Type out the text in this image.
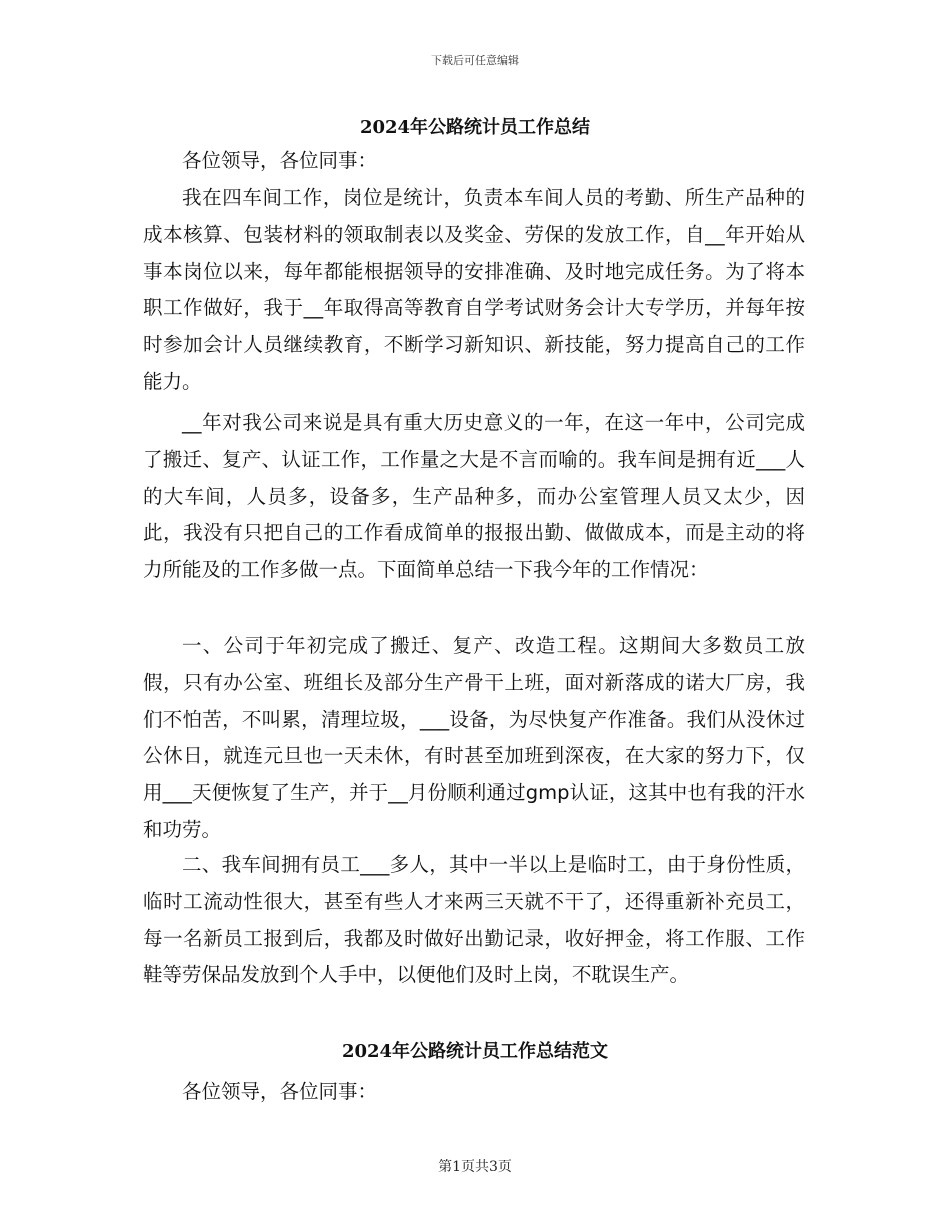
下载后可任意编辑
2024年公路统计员工作总结

各位领导，各位同事：

我在四车间工作，岗位是统计，负责本车间人员的考勤、所生产品种的成本核算、包装材料的领取制表以及奖金、劳保的发放工作，自__年开始从事本岗位以来，每年都能根据领导的安排准确、及时地完成任务。为了将本职工作做好，我于__年取得高等教育自学考试财务会计大专学历，并每年按时参加会计人员继续教育，不断学习新知识、新技能，努力提高自己的工作能力。

__年对我公司来说是具有重大历史意义的一年，在这一年中，公司完成了搬迁、复产、认证工作，工作量之大是不言而喻的。我车间是拥有近___人的大车间，人员多，设备多，生产品种多，而办公室管理人员又太少，因此，我没有只把自己的工作看成简单的报报出勤、做做成本，而是主动的将力所能及的工作多做一点。下面简单总结一下我今年的工作情况：

一、公司于年初完成了搬迁、复产、改造工程。这期间大多数员工放假，只有办公室、班组长及部分生产骨干上班，面对新落成的诺大厂房，我们不怕苦，不叫累，清理垃圾，___设备，为尽快复产作准备。我们从没休过公休日，就连元旦也一天未休，有时甚至加班到深夜，在大家的努力下，仅用___天便恢复了生产，并于__月份顺利通过gmp认证，这其中也有我的汗水和功劳。

二、我车间拥有员工___多人，其中一半以上是临时工，由于身份性质，临时工流动性很大，甚至有些人才来两三天就不干了，还得重新补充员工，每一名新员工报到后，我都及时做好出勤记录，收好押金，将工作服、工作鞋等劳保品发放到个人手中，以便他们及时上岗，不耽误生产。

2024年公路统计员工作总结范文

各位领导，各位同事：

第1页共3页
